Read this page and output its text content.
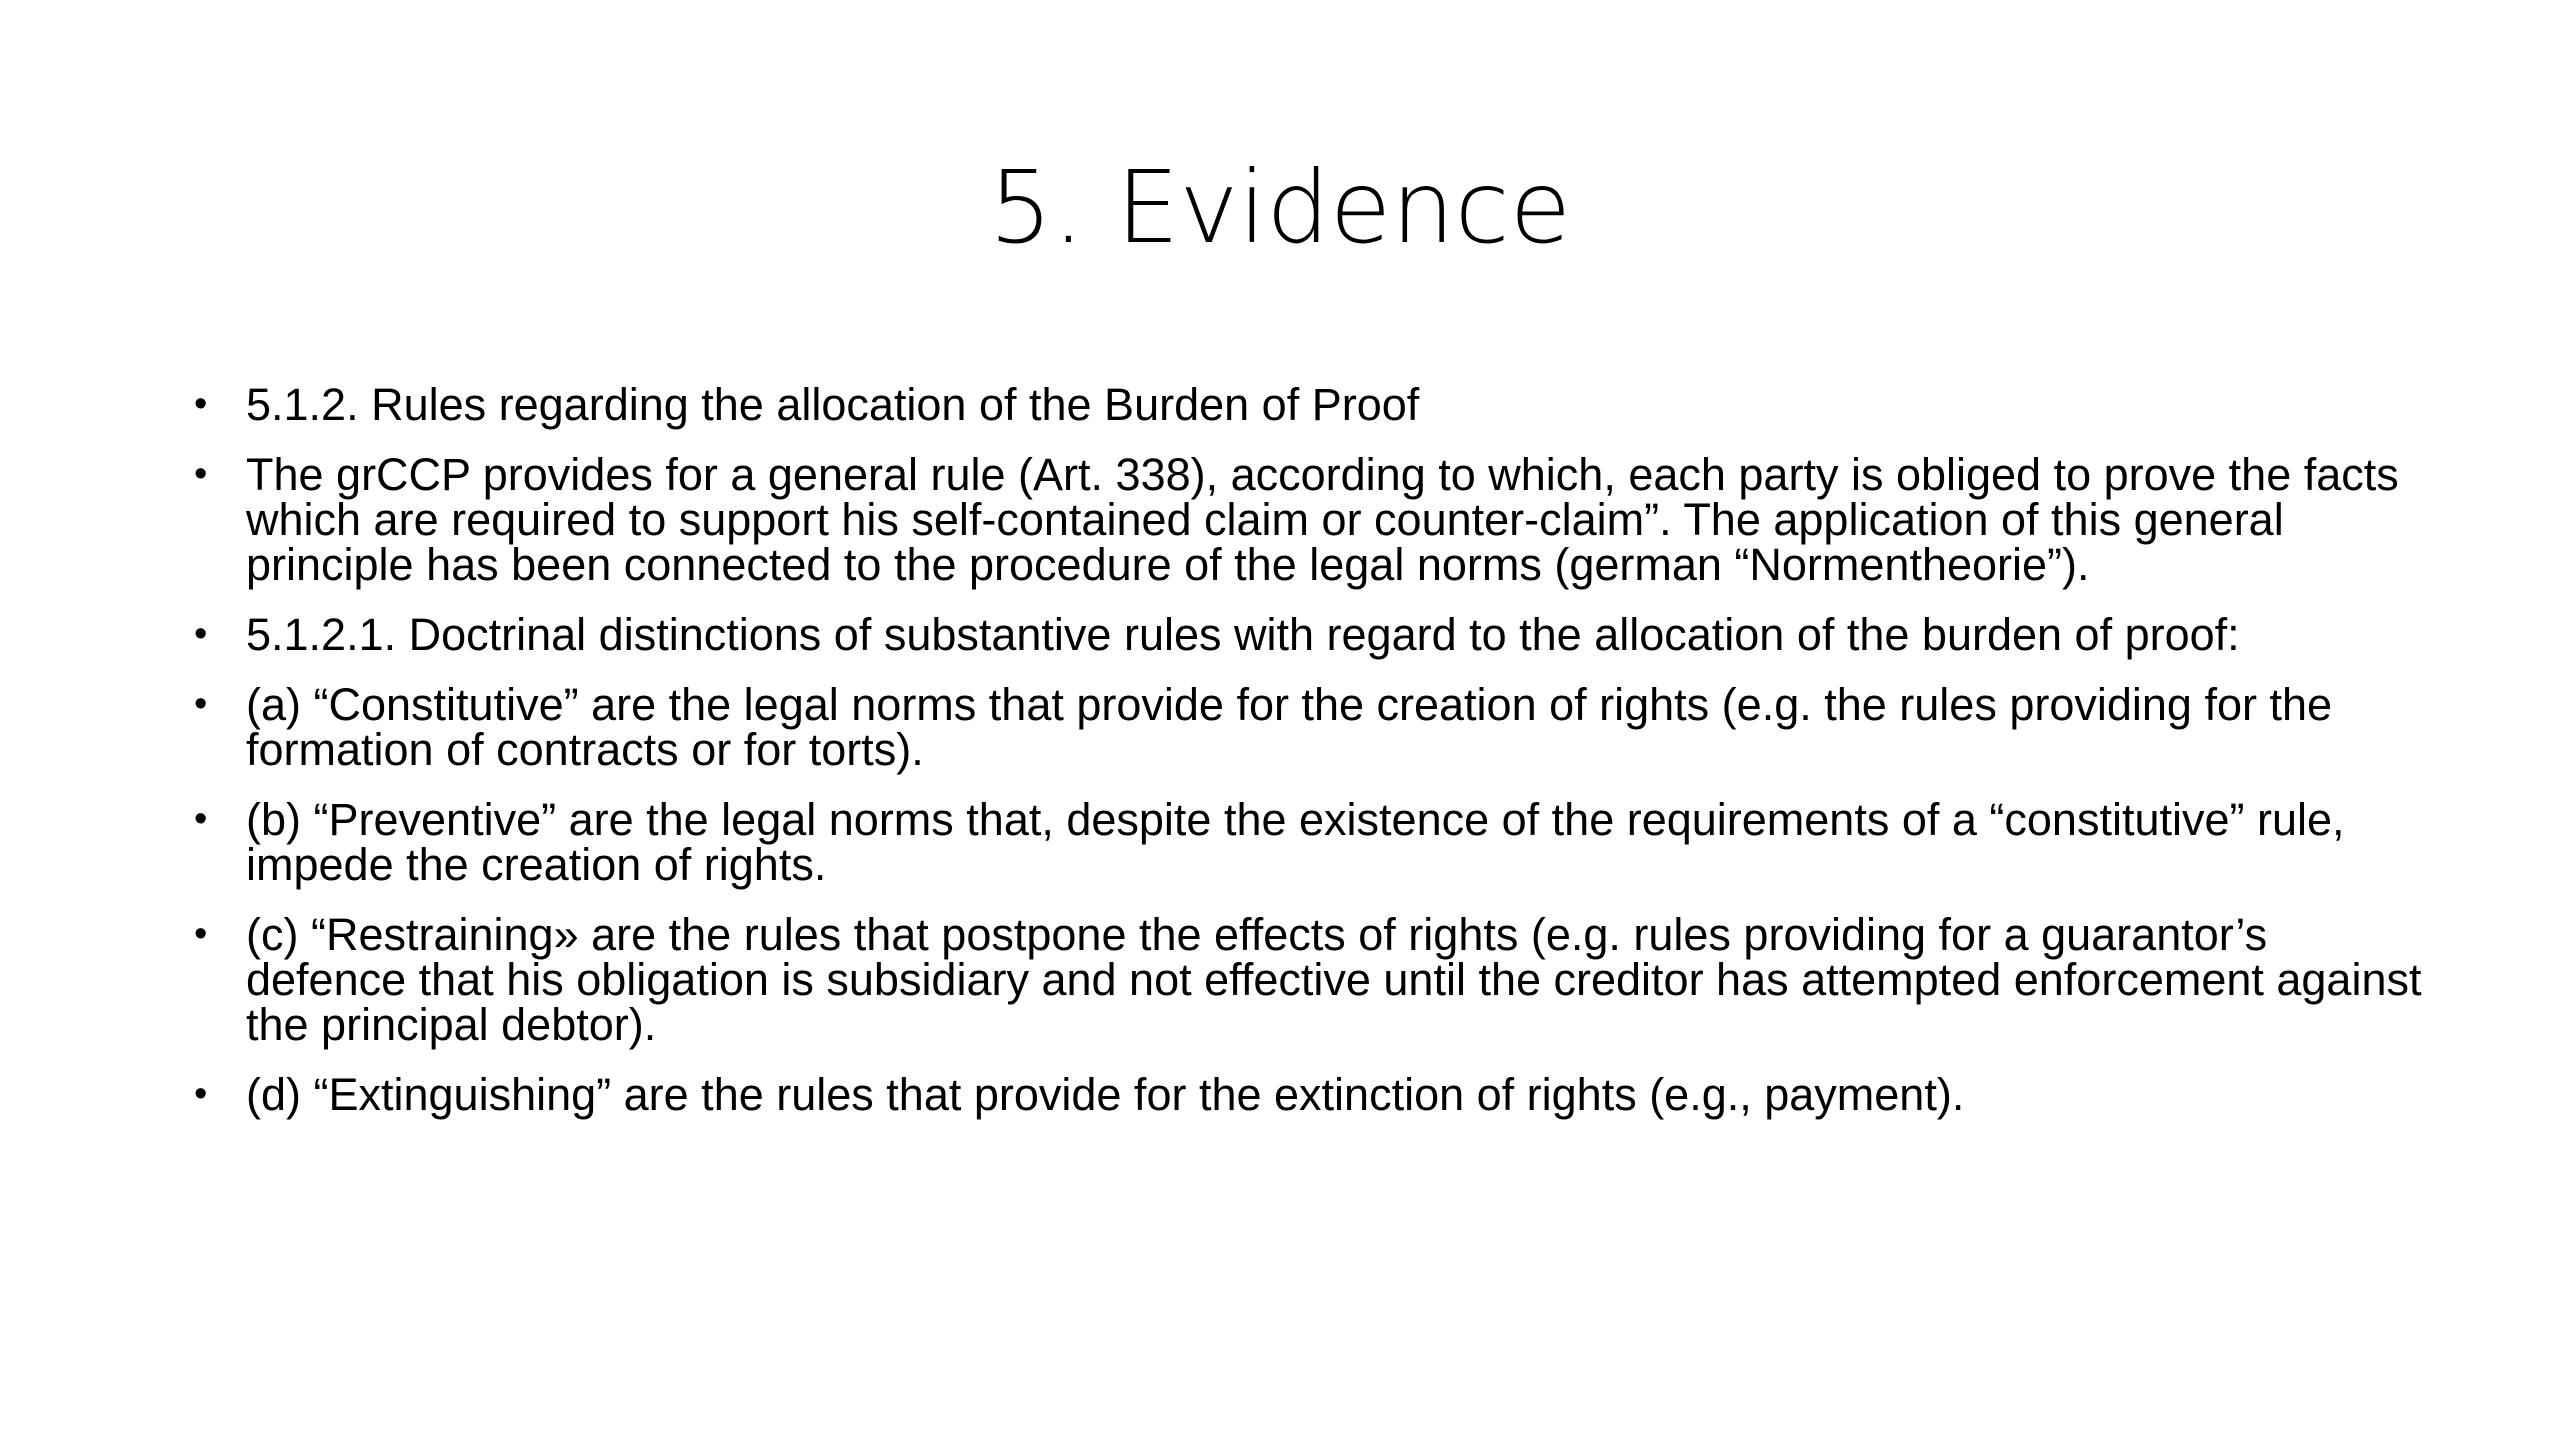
5. Evidence
• 5.1.2. Rules regarding the allocation of the Burden of Proof
• The grCCP provides for a general rule (Art. 338), according to which, each party is obliged to prove the facts which are required to support his self-contained claim or counter-claim”. The application of this general principle has been connected to the procedure of the legal norms (german “Normentheorie”).
• 5.1.2.1. Doctrinal distinctions of substantive rules with regard to the allocation of the burden of proof:
• (a) “Constitutive” are the legal norms that provide for the creation of rights (e.g. the rules providing for the formation of contracts or for torts).
• (b) “Preventive” are the legal norms that, despite the existence of the requirements of a “constitutive” rule, impede the creation of rights.
• (c) “Restraining» are the rules that postpone the effects of rights (e.g. rules providing for a guarantor’s defence that his obligation is subsidiary and not effective until the creditor has attempted enforcement against the principal debtor).
• (d) “Extinguishing” are the rules that provide for the extinction of rights (e.g., payment).
